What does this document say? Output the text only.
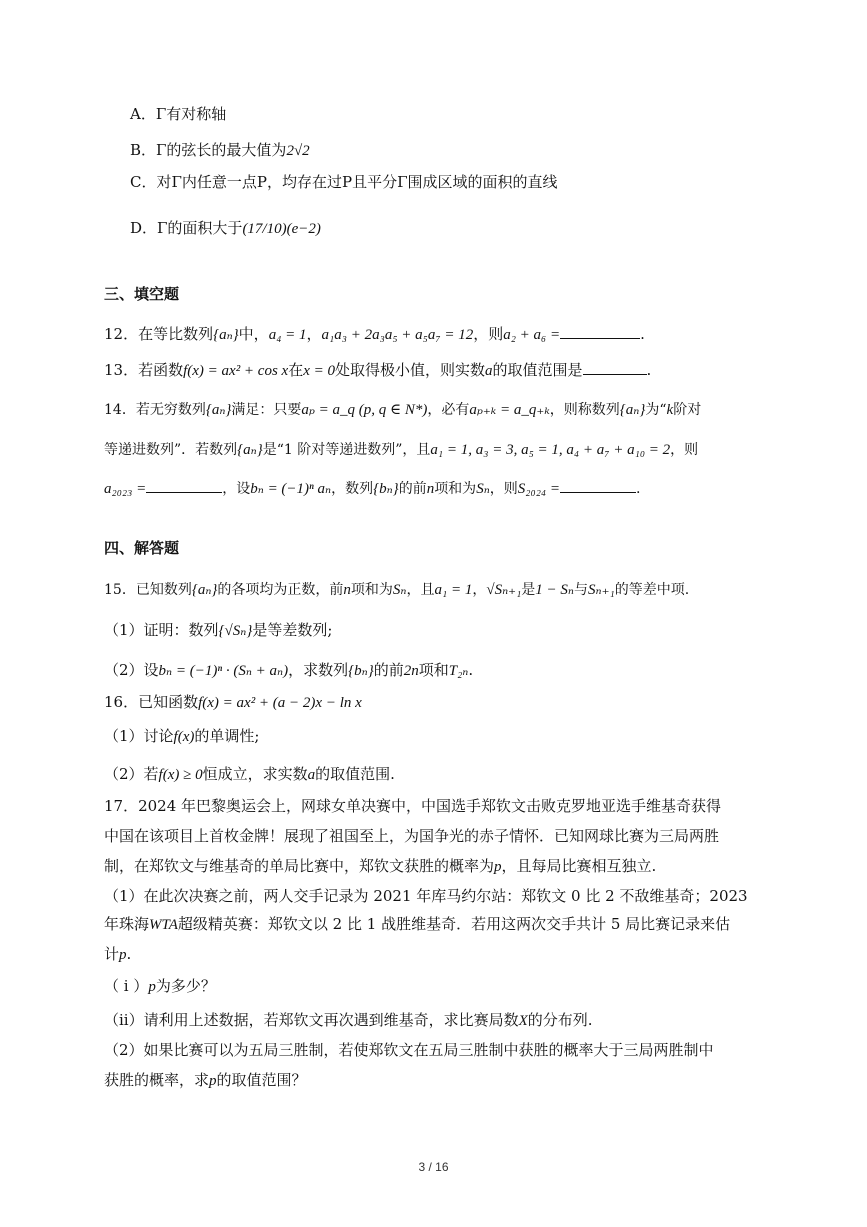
A．Γ有对称轴
B．Γ的弦长的最大值为2√2
C．对Γ内任意一点P，均存在过P且平分Γ围成区域的面积的直线
D．Γ的面积大于(17/10)(e−2)
三、填空题
12．在等比数列{aₙ}中，a₄ = 1，a₁a₃ + 2a₃a₅ + a₅a₇ = 12，则a₂ + a₆ =	.
13．若函数f(x) = ax² + cos x在x = 0处取得极小值，则实数a的取值范围是	.
14．若无穷数列{aₙ}满足：只要aₚ = a_q (p, q ∈ N*)，必有aₚ₊ₖ = a_q₊ₖ，则称数列{aₙ}为“k阶对
等递进数列”．若数列{aₙ}是“1 阶对等递进数列”，且a₁ = 1, a₃ = 3, a₅ = 1, a₄ + a₇ + a₁₀ = 2，则
a₂₀₂₃ =	，设bₙ = (−1)ⁿ aₙ，数列{bₙ}的前n项和为Sₙ，则S₂₀₂₄ =	.
四、解答题
15．已知数列{aₙ}的各项均为正数，前n项和为Sₙ，且a₁ = 1，√Sₙ₊₁是1 − Sₙ与Sₙ₊₁的等差中项.
（1）证明：数列{√Sₙ}是等差数列;
（2）设bₙ = (−1)ⁿ · (Sₙ + aₙ)，求数列{bₙ}的前2n项和T₂ₙ.
16．已知函数f(x) = ax² + (a − 2)x − ln x
（1）讨论f(x)的单调性;
（2）若f(x) ≥ 0恒成立，求实数a的取值范围.
17．2024 年巴黎奥运会上，网球女单决赛中，中国选手郑钦文击败克罗地亚选手维基奇获得
中国在该项目上首枚金牌！展现了祖国至上，为国争光的赤子情怀．已知网球比赛为三局两胜
制，在郑钦文与维基奇的单局比赛中，郑钦文获胜的概率为p，且每局比赛相互独立.
（1）在此次决赛之前，两人交手记录为 2021 年库马约尔站：郑钦文 0 比 2 不敌维基奇；2023
年珠海WTA超级精英赛：郑钦文以 2 比 1 战胜维基奇．若用这两次交手共计 5 局比赛记录来估
计p.
（ i ）p为多少？
（ii）请利用上述数据，若郑钦文再次遇到维基奇，求比赛局数X的分布列.
（2）如果比赛可以为五局三胜制，若使郑钦文在五局三胜制中获胜的概率大于三局两胜制中
获胜的概率，求p的取值范围？
3 / 16
